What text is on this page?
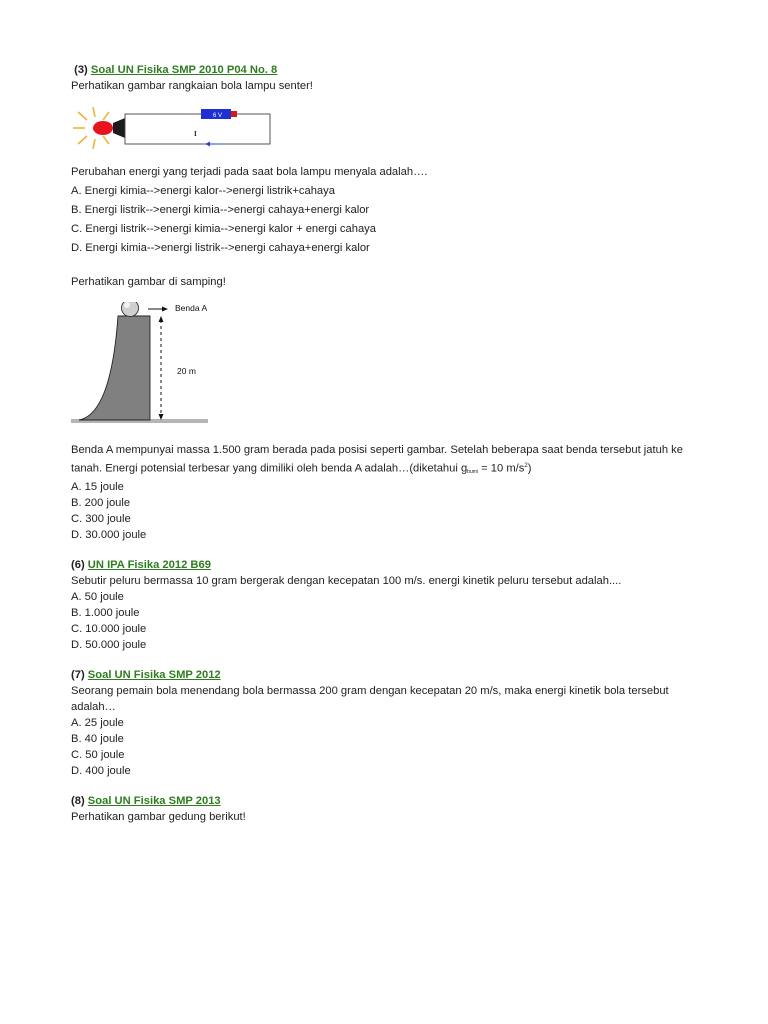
(3) Soal UN Fisika SMP 2010 P04 No. 8
Perhatikan gambar rangkaian bola lampu senter!
6 V
I
Perubahan energi yang terjadi pada saat bola lampu menyala adalah….
A. Energi kimia-->energi kalor-->energi listrik+cahaya
B. Energi listrik-->energi kimia-->energi cahaya+energi kalor
C. Energi listrik-->energi kimia-->energi kalor + energi cahaya
D. Energi kimia-->energi listrik-->energi cahaya+energi kalor
Perhatikan gambar di samping!
Benda A
20 m
Benda A mempunyai massa 1.500 gram berada pada posisi seperti gambar. Setelah beberapa saat benda tersebut jatuh ke tanah. Energi potensial terbesar yang dimiliki oleh benda A adalah…(diketahui $g_{bumi} = 10$ $m/s^2$)
A. 15 joule
B. 200 joule
C. 300 joule
D. 30.000 joule
(6) UN IPA Fisika 2012 B69
Sebutir peluru bermassa 10 gram bergerak dengan kecepatan 100 m/s. energi kinetik peluru tersebut adalah....
A. 50 joule
B. 1.000 joule
C. 10.000 joule
D. 50.000 joule
(7) Soal UN Fisika SMP 2012
Seorang pemain bola menendang bola bermassa 200 gram dengan kecepatan 20 m/s, maka energi kinetik bola tersebut adalah…
A. 25 joule
B. 40 joule
C. 50 joule
D. 400 joule
(8) Soal UN Fisika SMP 2013
Perhatikan gambar gedung berikut!
